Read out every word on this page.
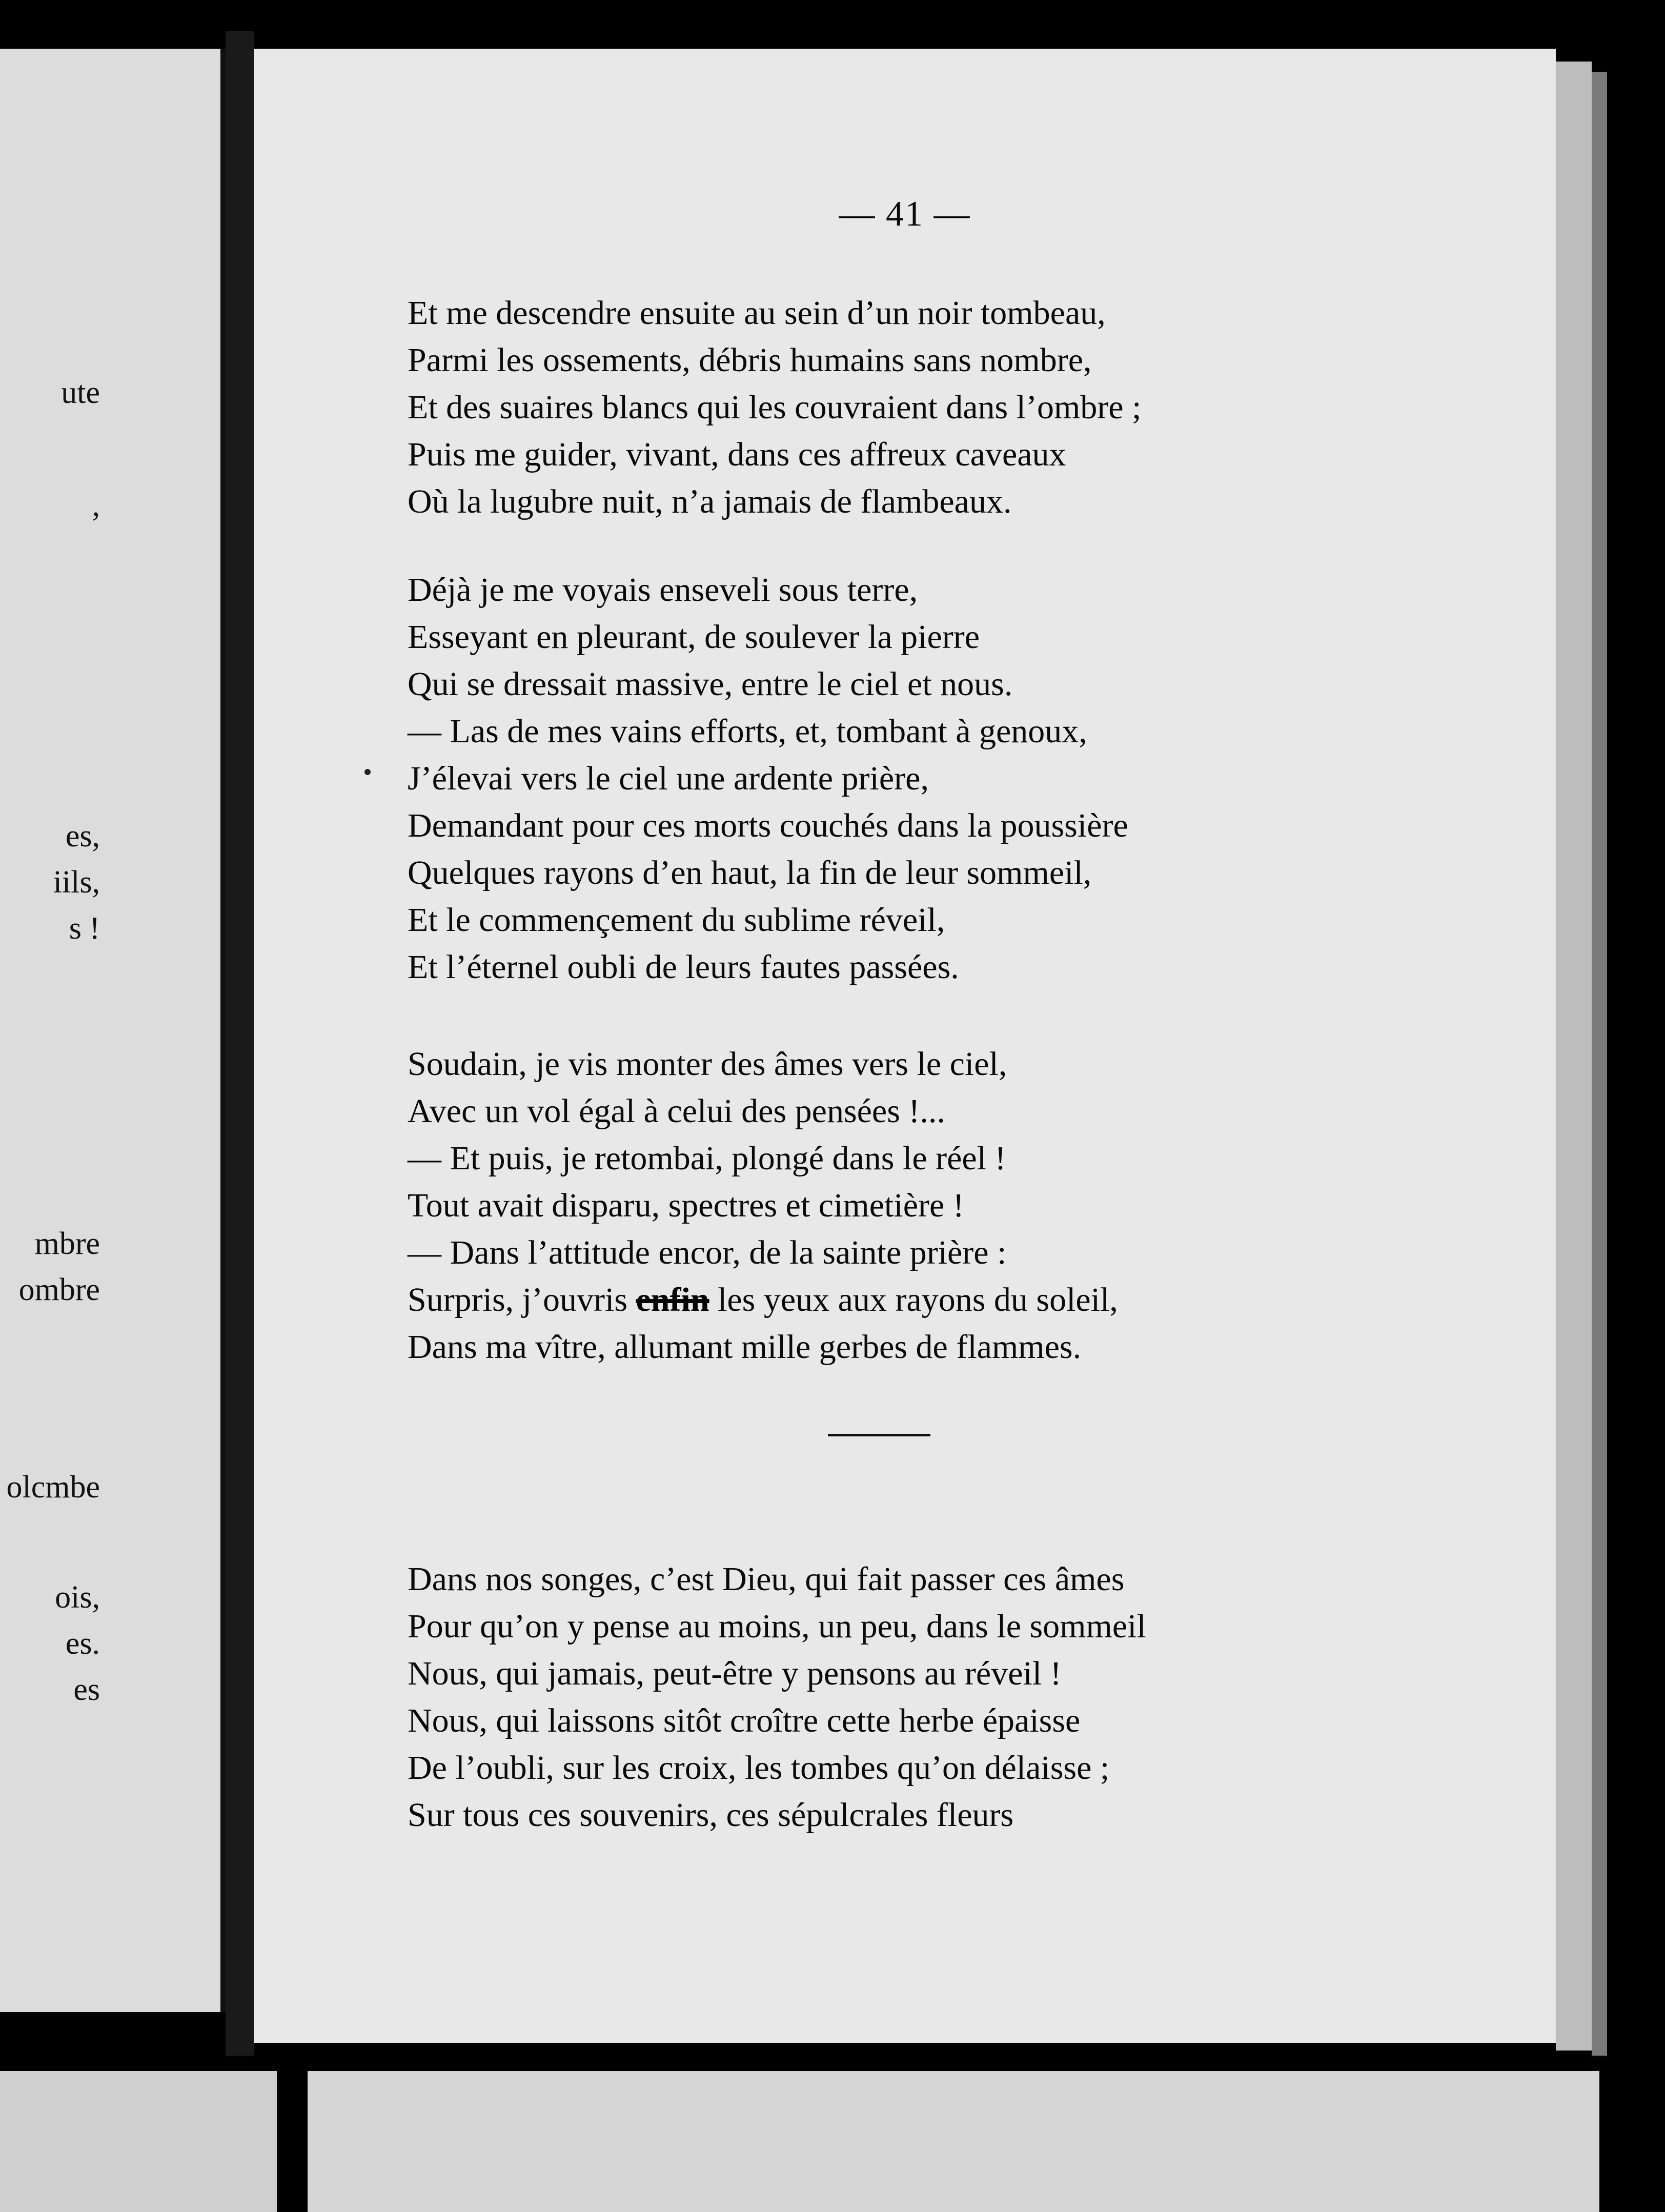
ute
,
es,
iils,
s !
mbre
ombre
olcmbe
ois,
es.
es
— 41 —
Et me descendre ensuite au sein d’un noir tombeau,
Parmi les ossements, débris humains sans nombre,
Et des suaires blancs qui les couvraient dans l’ombre ;
Puis me guider, vivant, dans ces affreux caveaux
Où la lugubre nuit, n’a jamais de flambeaux.
Déjà je me voyais enseveli sous terre,
Esseyant en pleurant, de soulever la pierre
Qui se dressait massive, entre le ciel et nous.
— Las de mes vains efforts, et, tombant à genoux,
J’élevai vers le ciel une ardente prière,
Demandant pour ces morts couchés dans la poussière
Quelques rayons d’en haut, la fin de leur sommeil,
Et le commençement du sublime réveil,
Et l’éternel oubli de leurs fautes passées.
Soudain, je vis monter des âmes vers le ciel,
Avec un vol égal à celui des pensées !...
— Et puis, je retombai, plongé dans le réel !
Tout avait disparu, spectres et cimetière !
— Dans l’attitude encor, de la sainte prière :
Surpris, j’ouvris enfin les yeux aux rayons du soleil,
Dans ma vître, allumant mille gerbes de flammes.
Dans nos songes, c’est Dieu, qui fait passer ces âmes
Pour qu’on y pense au moins, un peu, dans le sommeil
Nous, qui jamais, peut-être y pensons au réveil !
Nous, qui laissons sitôt croître cette herbe épaisse
De l’oubli, sur les croix, les tombes qu’on délaisse ;
Sur tous ces souvenirs, ces sépulcrales fleurs
